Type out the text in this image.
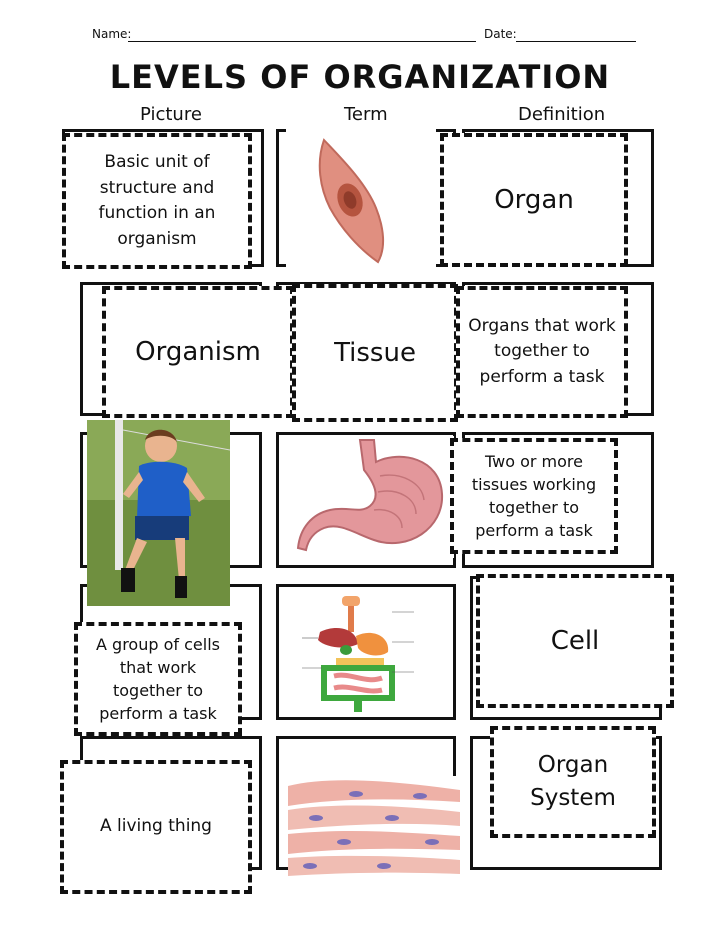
Name:	Date:
LEVELS OF ORGANIZATION
Picture	Term	Definition
Basic unit of structure and function in an organism
Organ
Organism	Tissue
Organs that work together to perform a task
Two or more tissues working together to perform a task
A group of cells that work together to perform a task
Cell
A living thing
Organ System
